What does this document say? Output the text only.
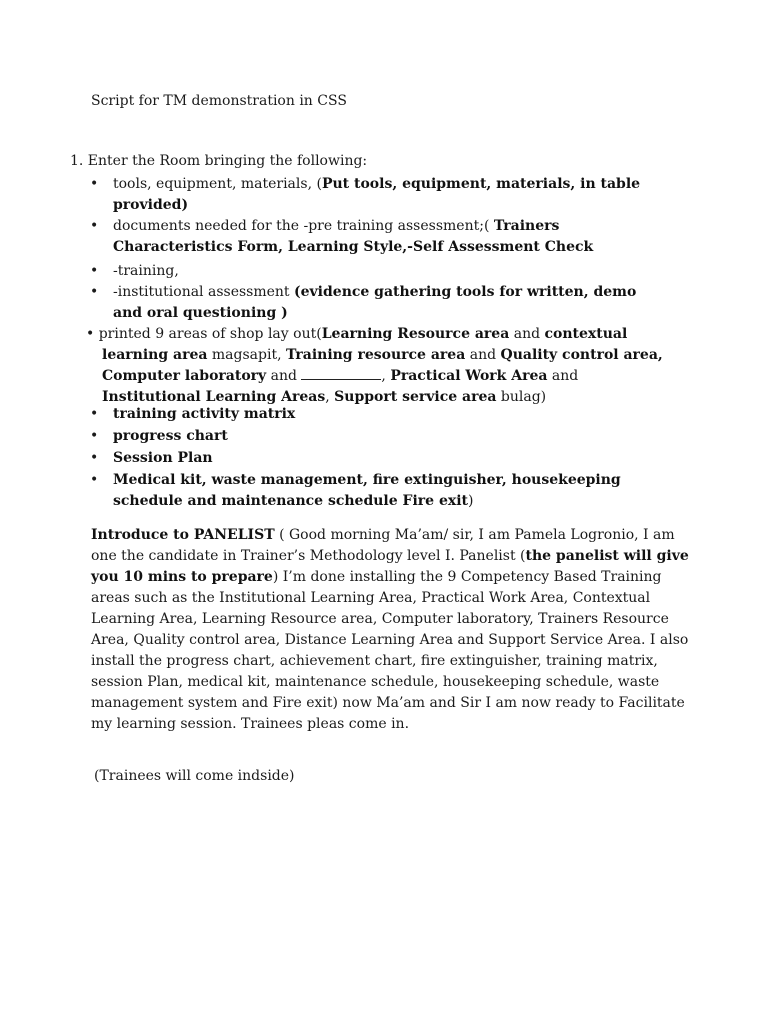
Script for TM demonstration in CSS
1. Enter the Room bringing the following:
• tools, equipment, materials, (Put tools, equipment, materials, in table provided)
• documents needed for the -pre training assessment;( Trainers Characteristics Form, Learning Style,-Self Assessment Check
• -training,
• -institutional assessment (evidence gathering tools for written, demo and oral questioning )
• printed 9 areas of shop lay out(Learning Resource area and contextual
learning area magsapit, Training resource area and Quality control area,
Computer laboratory and	, Practical Work Area and
Institutional Learning Areas, Support service area bulag)
• training activity matrix
• progress chart
• Session Plan
• Medical kit, waste management, fire extinguisher, housekeeping schedule and maintenance schedule Fire exit)
Introduce to PANELIST ( Good morning Ma’am/ sir, I am Pamela Logronio, I am one the candidate in Trainer’s Methodology level I. Panelist (the panelist will give you 10 mins to prepare) I’m done installing the 9 Competency Based Training areas such as the Institutional Learning Area, Practical Work Area, Contextual Learning Area, Learning Resource area, Computer laboratory, Trainers Resource Area, Quality control area, Distance Learning Area and Support Service Area. I also install the progress chart, achievement chart, fire extinguisher, training matrix, session Plan, medical kit, maintenance schedule, housekeeping schedule, waste management system and Fire exit) now Ma’am and Sir I am now ready to Facilitate my learning session. Trainees pleas come in.
(Trainees will come indside)
